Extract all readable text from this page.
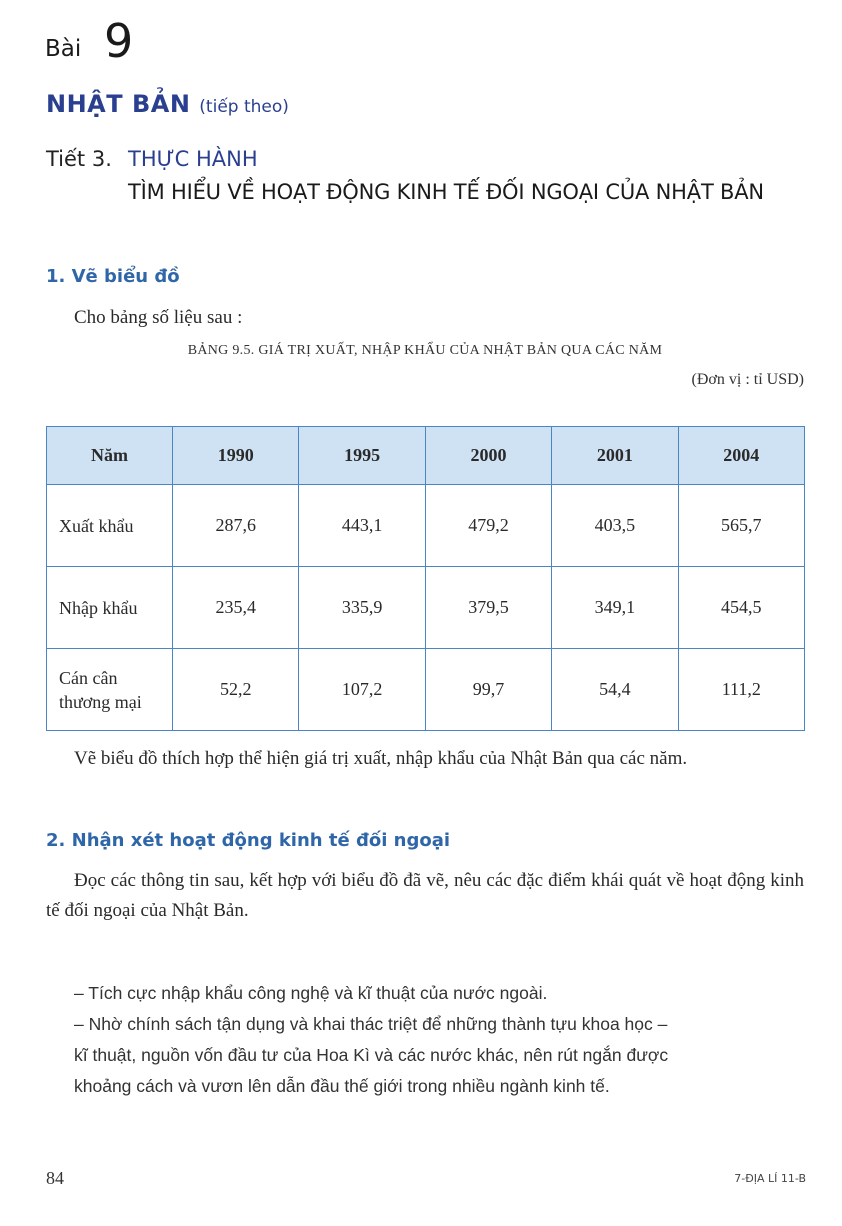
Bài 9
NHẬT BẢN (tiếp theo)
Tiết 3. THỰC HÀNH
TÌM HIỂU VỀ HOẠT ĐỘNG KINH TẾ ĐỐI NGOẠI CỦA NHẬT BẢN
1. Vẽ biểu đồ
Cho bảng số liệu sau :
BẢNG 9.5. GIÁ TRỊ XUẤT, NHẬP KHẨU CỦA NHẬT BẢN QUA CÁC NĂM
(Đơn vị : tỉ USD)
Năm	1990	1995	2000	2001	2004
Xuất khẩu	287,6	443,1	479,2	403,5	565,7
Nhập khẩu	235,4	335,9	379,5	349,1	454,5

Cán cân
thương mại	52,2	107,2	99,7	54,4	111,2
Vẽ biểu đồ thích hợp thể hiện giá trị xuất, nhập khẩu của Nhật Bản qua các năm.
2. Nhận xét hoạt động kinh tế đối ngoại
Đọc các thông tin sau, kết hợp với biểu đồ đã vẽ, nêu các đặc điểm khái quát về hoạt động kinh tế đối ngoại của Nhật Bản.
– Tích cực nhập khẩu công nghệ và kĩ thuật của nước ngoài.
– Nhờ chính sách tận dụng và khai thác triệt để những thành tựu khoa học –
kĩ thuật, nguồn vốn đầu tư của Hoa Kì và các nước khác, nên rút ngắn được
khoảng cách và vươn lên dẫn đầu thế giới trong nhiều ngành kinh tế.
84	7-ĐỊA LÍ 11-B
